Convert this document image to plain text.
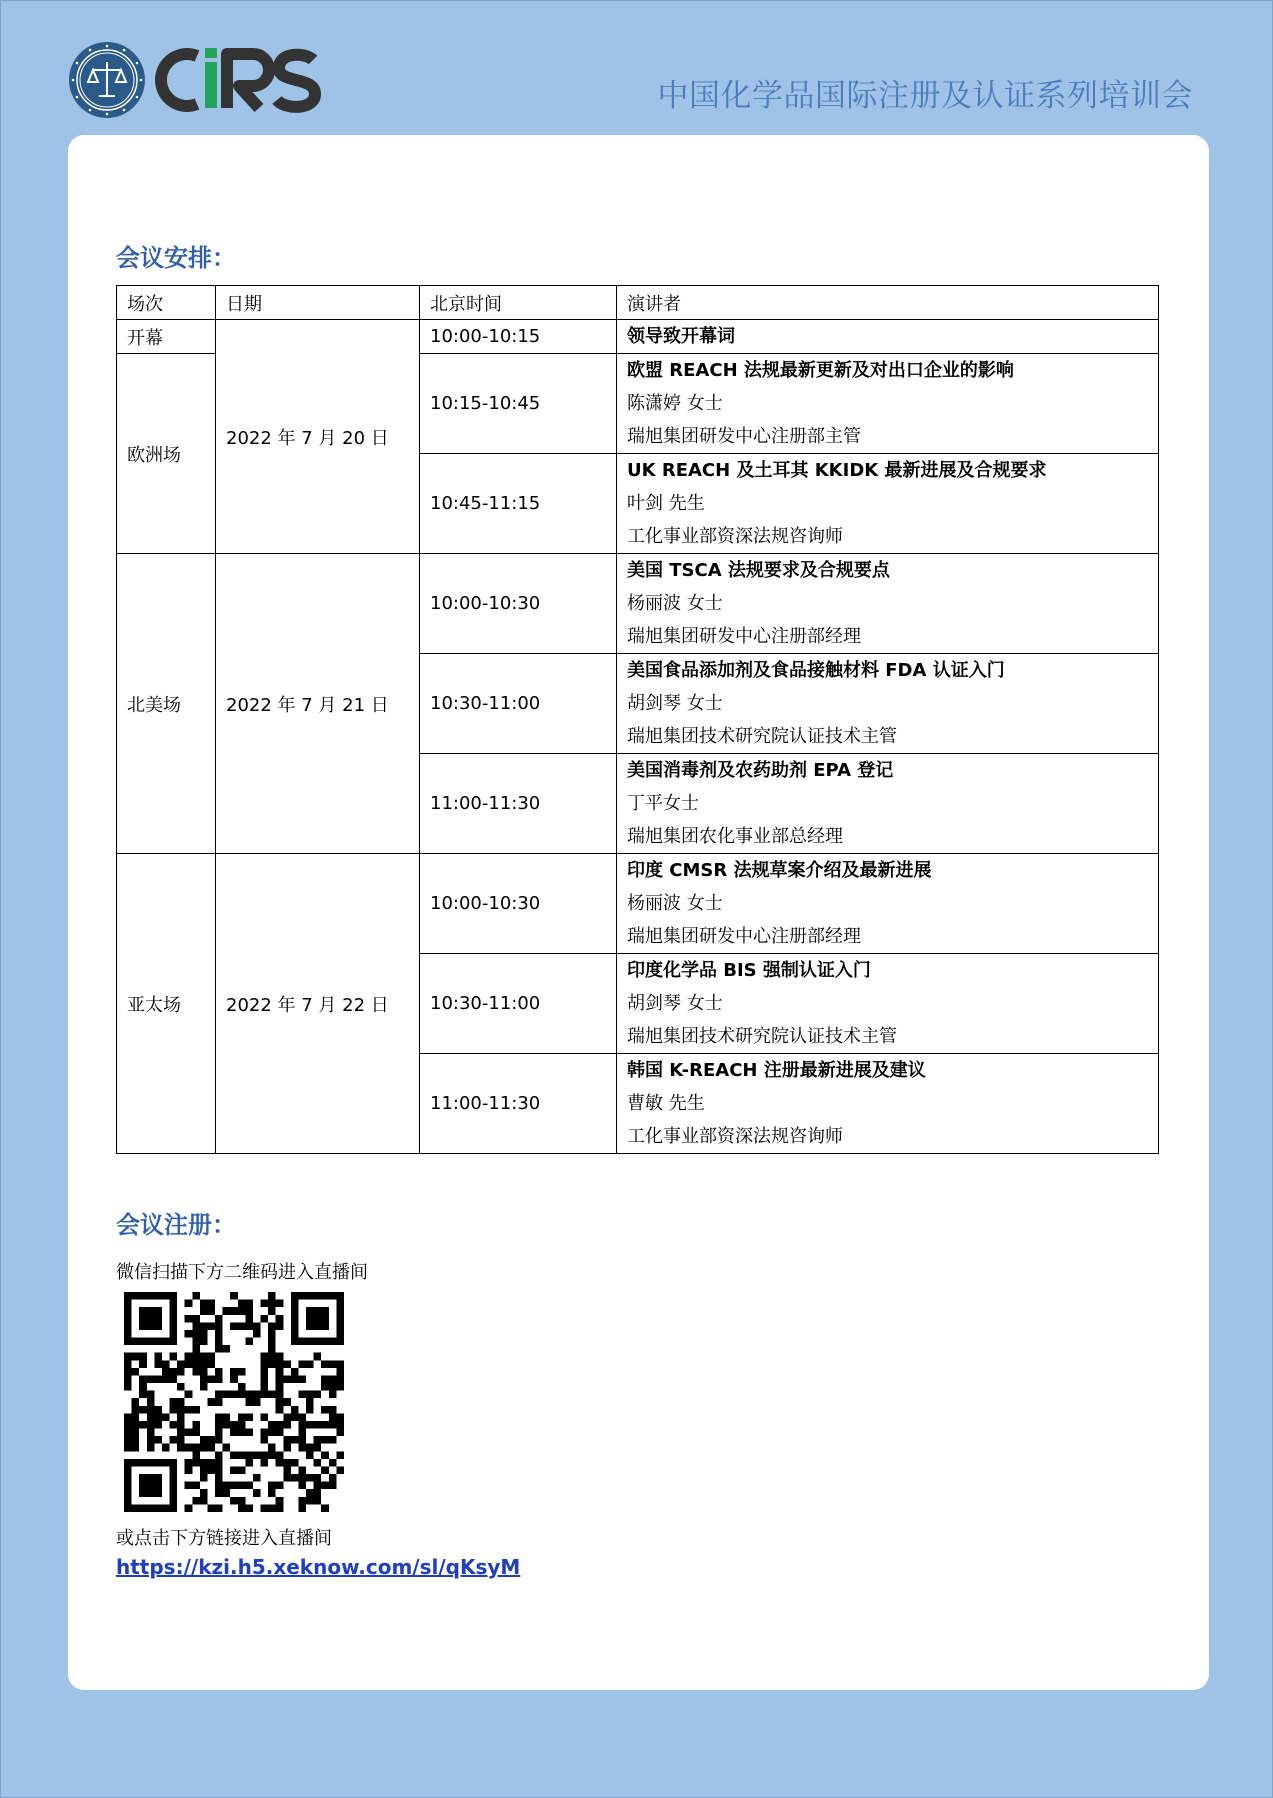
中国化学品国际注册及认证系列培训会
会议安排：
场次	日期	北京时间	演讲者
开幕	2022 年 7 月 20 日	10:00-10:15	领导致开幕词

欧洲场		10:15-10:45	欧盟 REACH 法规最新更新及对出口企业的影响
陈潇婷 女士
瑞旭集团研发中心注册部主管

		10:45-11:15	UK REACH 及土耳其 KKIDK 最新进展及合规要求
叶剑 先生
工化事业部资深法规咨询师

北美场	2022 年 7 月 21 日	10:00-10:30	美国 TSCA 法规要求及合规要点
杨丽波 女士
瑞旭集团研发中心注册部经理

		10:30-11:00	美国食品添加剂及食品接触材料 FDA 认证入门
胡剑琴 女士
瑞旭集团技术研究院认证技术主管

		11:00-11:30	美国消毒剂及农药助剂 EPA 登记
丁平女士
瑞旭集团农化事业部总经理

亚太场	2022 年 7 月 22 日	10:00-10:30	印度 CMSR 法规草案介绍及最新进展
杨丽波 女士
瑞旭集团研发中心注册部经理

		10:30-11:00	印度化学品 BIS 强制认证入门
胡剑琴 女士
瑞旭集团技术研究院认证技术主管

		11:00-11:30	韩国 K-REACH 注册最新进展及建议
曹敏 先生
工化事业部资深法规咨询师
会议注册：
微信扫描下方二维码进入直播间
或点击下方链接进入直播间
https://kzi.h5.xeknow.com/sl/qKsyM
